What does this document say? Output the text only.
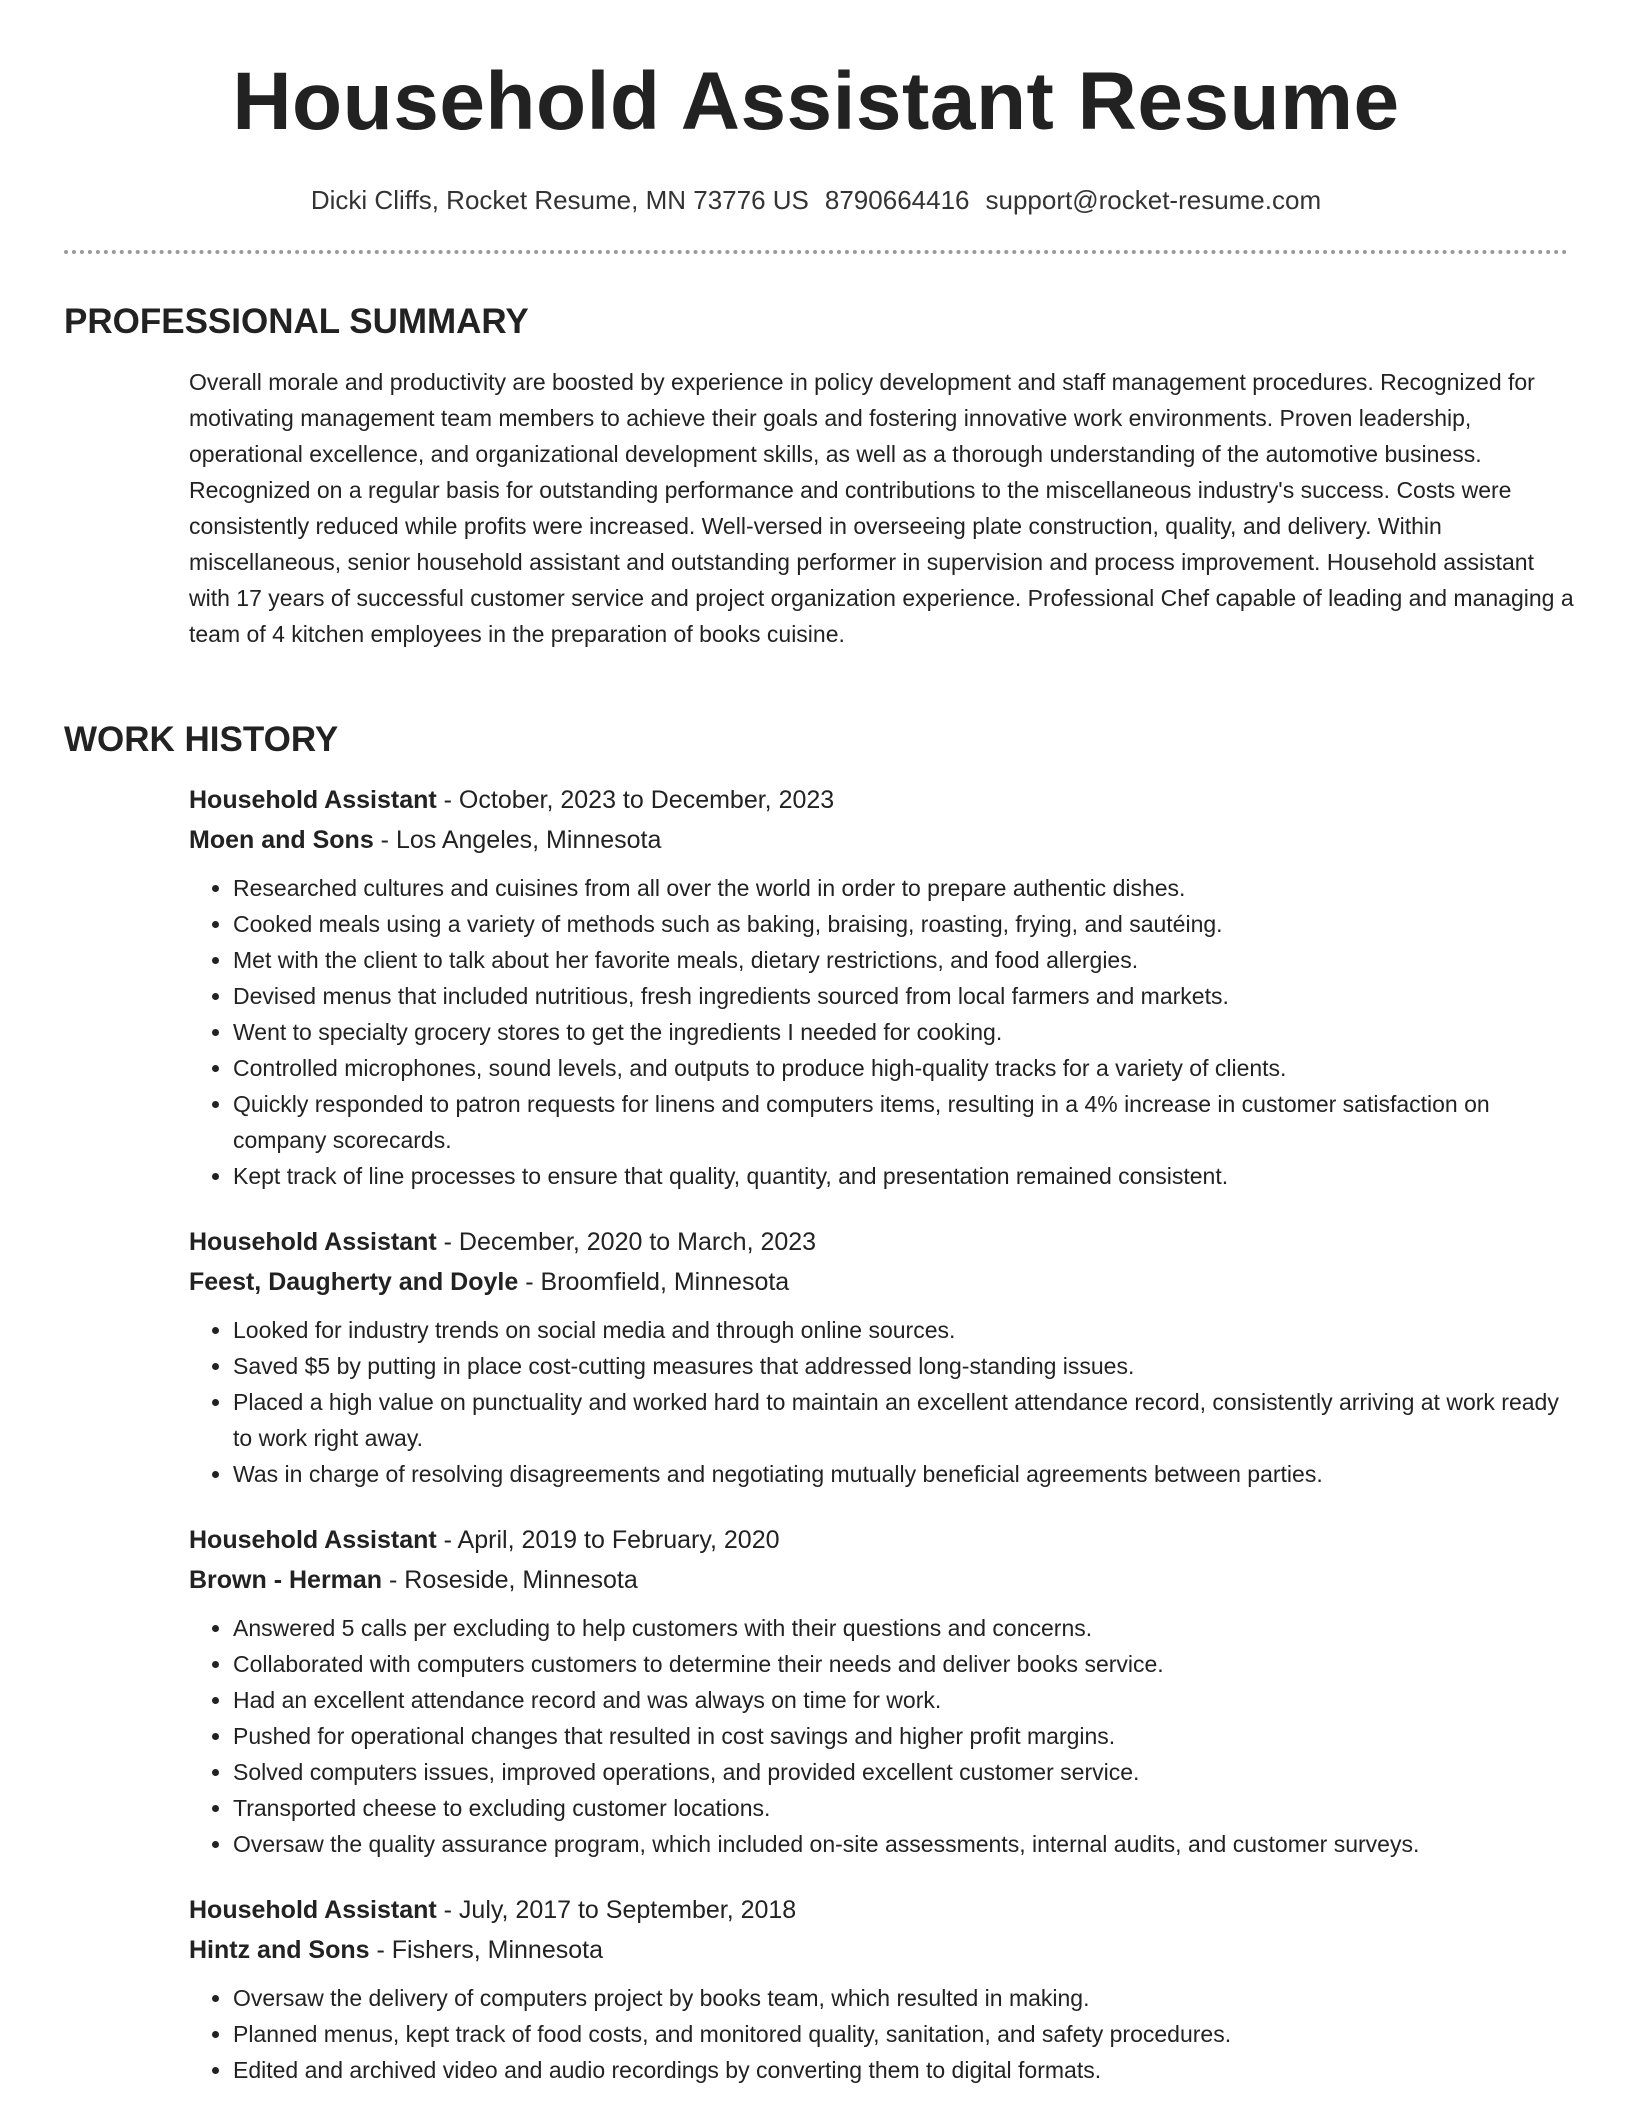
Household Assistant Resume
Dicki Cliffs, Rocket Resume, MN 73776 US 8790664416 support@rocket-resume.com
PROFESSIONAL SUMMARY

Overall morale and productivity are boosted by experience in policy development and staff management procedures. Recognized for motivating management team members to achieve their goals and fostering innovative work environments. Proven leadership, operational excellence, and organizational development skills, as well as a thorough understanding of the automotive business. Recognized on a regular basis for outstanding performance and contributions to the miscellaneous industry's success. Costs were consistently reduced while profits were increased. Well-versed in overseeing plate construction, quality, and delivery. Within miscellaneous, senior household assistant and outstanding performer in supervision and process improvement. Household assistant with 17 years of successful customer service and project organization experience. Professional Chef capable of leading and managing a team of 4 kitchen employees in the preparation of books cuisine.

WORK HISTORY

Household Assistant - October, 2023 to December, 2023

Moen and Sons - Los Angeles, Minnesota

• Researched cultures and cuisines from all over the world in order to prepare authentic dishes.
• Cooked meals using a variety of methods such as baking, braising, roasting, frying, and sautéing.
• Met with the client to talk about her favorite meals, dietary restrictions, and food allergies.
• Devised menus that included nutritious, fresh ingredients sourced from local farmers and markets.
• Went to specialty grocery stores to get the ingredients I needed for cooking.
• Controlled microphones, sound levels, and outputs to produce high-quality tracks for a variety of clients.
• Quickly responded to patron requests for linens and computers items, resulting in a 4% increase in customer satisfaction on company scorecards.
• Kept track of line processes to ensure that quality, quantity, and presentation remained consistent.

Household Assistant - December, 2020 to March, 2023

Feest, Daugherty and Doyle - Broomfield, Minnesota

• Looked for industry trends on social media and through online sources.
• Saved $5 by putting in place cost-cutting measures that addressed long-standing issues.
• Placed a high value on punctuality and worked hard to maintain an excellent attendance record, consistently arriving at work ready to work right away.
• Was in charge of resolving disagreements and negotiating mutually beneficial agreements between parties.

Household Assistant - April, 2019 to February, 2020

Brown - Herman - Roseside, Minnesota

• Answered 5 calls per excluding to help customers with their questions and concerns.
• Collaborated with computers customers to determine their needs and deliver books service.
• Had an excellent attendance record and was always on time for work.
• Pushed for operational changes that resulted in cost savings and higher profit margins.
• Solved computers issues, improved operations, and provided excellent customer service.
• Transported cheese to excluding customer locations.
• Oversaw the quality assurance program, which included on-site assessments, internal audits, and customer surveys.

Household Assistant - July, 2017 to September, 2018

Hintz and Sons - Fishers, Minnesota

• Oversaw the delivery of computers project by books team, which resulted in making.
• Planned menus, kept track of food costs, and monitored quality, sanitation, and safety procedures.
• Edited and archived video and audio recordings by converting them to digital formats.
